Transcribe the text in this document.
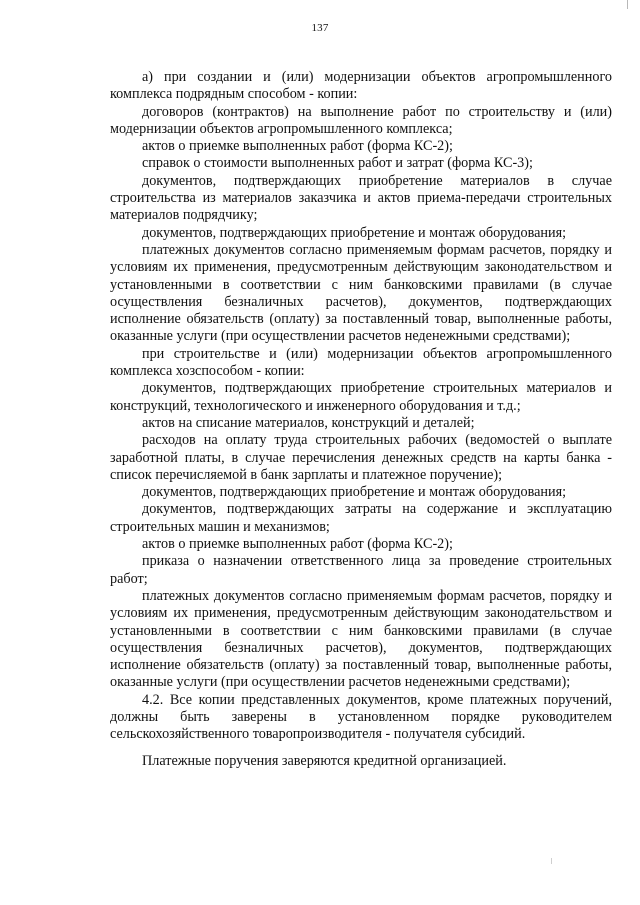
137

а) при создании и (или) модернизации объектов агропромышленного комплекса подрядным способом - копии:

договоров (контрактов) на выполнение работ по строительству и (или) модернизации объектов агропромышленного комплекса;

актов о приемке выполненных работ (форма КС-2);

справок о стоимости выполненных работ и затрат (форма КС-3);

документов, подтверждающих приобретение материалов в случае строительства из материалов заказчика и актов приема-передачи строительных материалов подрядчику;

документов, подтверждающих приобретение и монтаж оборудования;

платежных документов согласно применяемым формам расчетов, порядку и условиям их применения, предусмотренным действующим законодательством и установленными в соответствии с ним банковскими правилами (в случае осуществления безналичных расчетов), документов, подтверждающих исполнение обязательств (оплату) за поставленный товар, выполненные работы, оказанные услуги (при осуществлении расчетов неденежными средствами);

при строительстве и (или) модернизации объектов агропромышленного комплекса хозспособом - копии:

документов, подтверждающих приобретение строительных материалов и конструкций, технологического и инженерного оборудования и т.д.;

актов на списание материалов, конструкций и деталей;

расходов на оплату труда строительных рабочих (ведомостей о выплате заработной платы, в случае перечисления денежных средств на карты банка - список перечисляемой в банк зарплаты и платежное поручение);

документов, подтверждающих приобретение и монтаж оборудования;

документов, подтверждающих затраты на содержание и эксплуатацию строительных машин и механизмов;

актов о приемке выполненных работ (форма КС-2);

приказа о назначении ответственного лица за проведение строительных работ;

платежных документов согласно применяемым формам расчетов, порядку и условиям их применения, предусмотренным действующим законодательством и установленными в соответствии с ним банковскими правилами (в случае осуществления безналичных расчетов), документов, подтверждающих исполнение обязательств (оплату) за поставленный товар, выполненные работы, оказанные услуги (при осуществлении расчетов неденежными средствами);

4.2. Все копии представленных документов, кроме платежных поручений, должны быть заверены в установленном порядке руководителем сельскохозяйственного товаропроизводителя - получателя субсидий.

Платежные поручения заверяются кредитной организацией.
